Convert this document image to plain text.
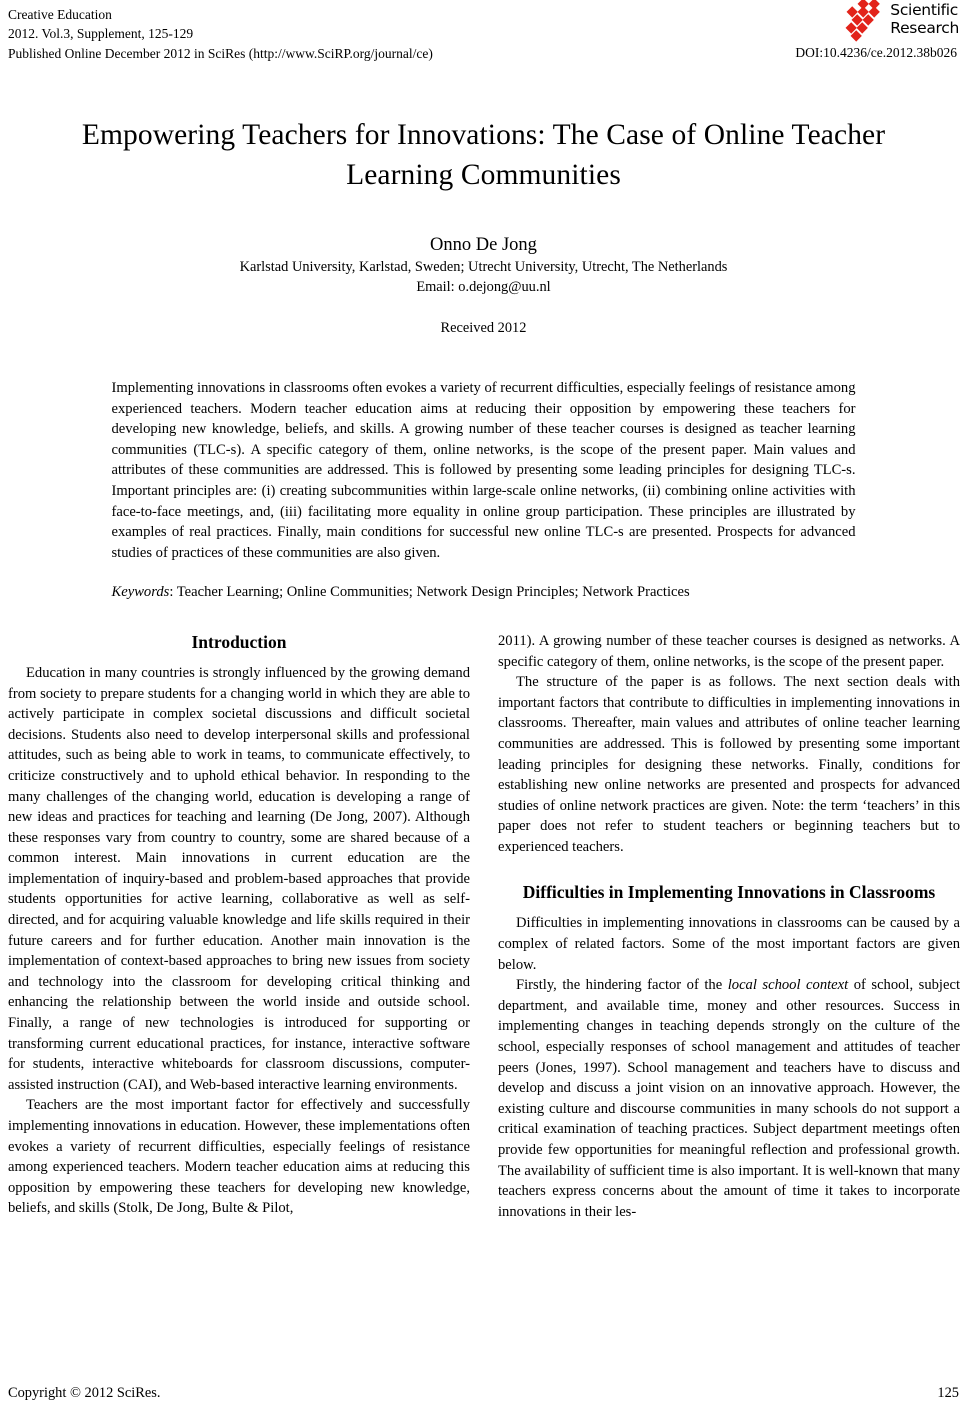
Creative Education
2012. Vol.3, Supplement, 125-129
Published Online December 2012 in SciRes (http://www.SciRP.org/journal/ce)	DOI:10.4236/ce.2012.38b026
Scientific
Research
Empowering Teachers for Innovations: The Case of Online Teacher Learning Communities
Onno De Jong
Karlstad University, Karlstad, Sweden; Utrecht University, Utrecht, The Netherlands
Email: o.dejong@uu.nl
Received 2012
Implementing innovations in classrooms often evokes a variety of recurrent difficulties, especially feelings of resistance among experienced teachers. Modern teacher education aims at reducing their opposition by empowering these teachers for developing new knowledge, beliefs, and skills. A growing number of these teacher courses is designed as teacher learning communities (TLC-s). A specific category of them, online networks, is the scope of the present paper. Main values and attributes of these communities are addressed. This is followed by presenting some leading principles for designing TLC-s. Important principles are: (i) creating subcommunities within large-scale online networks, (ii) combining online activities with face-to-face meetings, and, (iii) facilitating more equality in online group participation. These principles are illustrated by examples of real practices. Finally, main conditions for successful new online TLC-s are presented. Prospects for advanced studies of practices of these communities are also given.
Keywords: Teacher Learning; Online Communities; Network Design Principles; Network Practices
Introduction

Education in many countries is strongly influenced by the growing demand from society to prepare students for a changing world in which they are able to actively participate in complex societal discussions and difficult societal decisions. Students also need to develop interpersonal skills and professional attitudes, such as being able to work in teams, to communicate effectively, to criticize constructively and to uphold ethical behavior. In responding to the many challenges of the changing world, education is developing a range of new ideas and practices for teaching and learning (De Jong, 2007). Although these responses vary from country to country, some are shared because of a common interest. Main innovations in current education are the implementation of inquiry-based and problem-based approaches that provide students opportunities for active learning, collaborative as well as self-directed, and for acquiring valuable knowledge and life skills required in their future careers and for further education. Another main innovation is the implementation of context-based approaches to bring new issues from society and technology into the classroom for developing critical thinking and enhancing the relationship between the world inside and outside school. Finally, a range of new technologies is introduced for supporting or transforming current educational practices, for instance, interactive software for students, interactive whiteboards for classroom discussions, computer-assisted instruction (CAI), and Web-based interactive learning environments.

Teachers are the most important factor for effectively and successfully implementing innovations in education. However, these implementations often evokes a variety of recurrent difficulties, especially feelings of resistance among experienced teachers. Modern teacher education aims at reducing this opposition by empowering these teachers for developing new knowledge, beliefs, and skills (Stolk, De Jong, Bulte & Pilot,

2011). A growing number of these teacher courses is designed as networks. A specific category of them, online networks, is the scope of the present paper.

The structure of the paper is as follows. The next section deals with important factors that contribute to difficulties in implementing innovations in classrooms. Thereafter, main values and attributes of online teacher learning communities are addressed. This is followed by presenting some important leading principles for designing these networks. Finally, conditions for establishing new online networks are presented and prospects for advanced studies of online network practices are given. Note: the term ‘teachers’ in this paper does not refer to student teachers or beginning teachers but to experienced teachers.

Difficulties in Implementing Innovations in Classrooms

Difficulties in implementing innovations in classrooms can be caused by a complex of related factors. Some of the most important factors are given below.

Firstly, the hindering factor of the local school context of school, subject department, and available time, money and other resources. Success in implementing changes in teaching depends strongly on the culture of the school, especially responses of school management and attitudes of teacher peers (Jones, 1997). School management and teachers have to discuss and develop and discuss a joint vision on an innovative approach. However, the existing culture and discourse communities in many schools do not support a critical examination of teaching practices. Subject department meetings often provide few opportunities for meaningful reflection and professional growth. The availability of sufficient time is also important. It is well-known that many teachers express concerns about the amount of time it takes to incorporate innovations in their les-

Copyright © 2012 SciRes.	125
